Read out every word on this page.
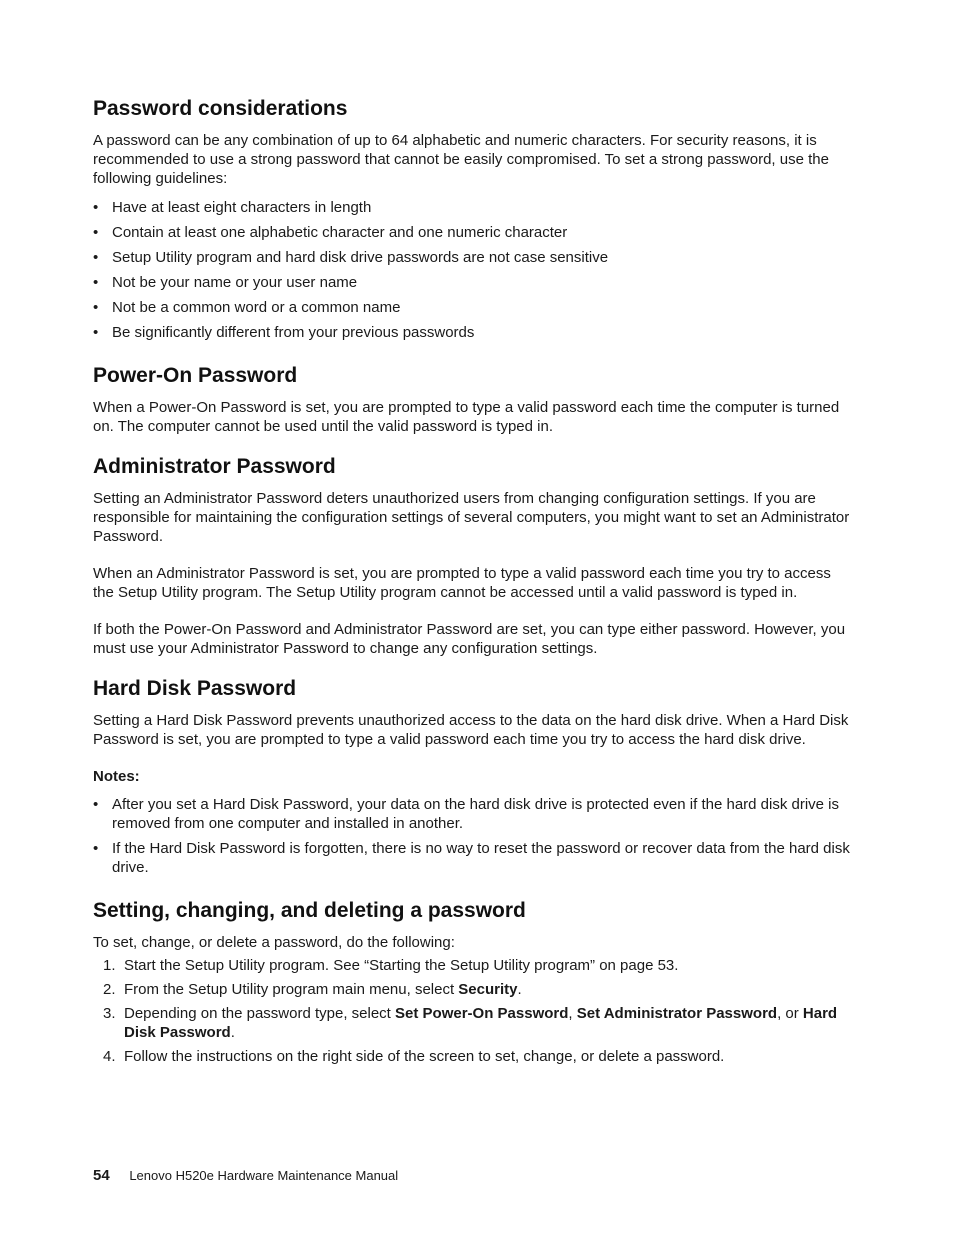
Password considerations

A password can be any combination of up to 64 alphabetic and numeric characters. For security reasons, it is recommended to use a strong password that cannot be easily compromised. To set a strong password, use the following guidelines:

• Have at least eight characters in length
• Contain at least one alphabetic character and one numeric character
• Setup Utility program and hard disk drive passwords are not case sensitive
• Not be your name or your user name
• Not be a common word or a common name
• Be significantly different from your previous passwords
Power-On Password

When a Power-On Password is set, you are prompted to type a valid password each time the computer is turned on. The computer cannot be used until the valid password is typed in.

Administrator Password

Setting an Administrator Password deters unauthorized users from changing configuration settings. If you are responsible for maintaining the configuration settings of several computers, you might want to set an Administrator Password.

When an Administrator Password is set, you are prompted to type a valid password each time you try to access the Setup Utility program. The Setup Utility program cannot be accessed until a valid password is typed in.

If both the Power-On Password and Administrator Password are set, you can type either password. However, you must use your Administrator Password to change any configuration settings.

Hard Disk Password

Setting a Hard Disk Password prevents unauthorized access to the data on the hard disk drive. When a Hard Disk Password is set, you are prompted to type a valid password each time you try to access the hard disk drive.

Notes:
• After you set a Hard Disk Password, your data on the hard disk drive is protected even if the hard disk drive is removed from one computer and installed in another.
• If the Hard Disk Password is forgotten, there is no way to reset the password or recover data from the hard disk drive.
Setting, changing, and deleting a password

To set, change, or delete a password, do the following:

1. Start the Setup Utility program. See “Starting the Setup Utility program” on page 53.
2. From the Setup Utility program main menu, select Security.
3. Depending on the password type, select Set Power-On Password, Set Administrator Password, or Hard Disk Password.
4. Follow the instructions on the right side of the screen to set, change, or delete a password.
54 Lenovo H520e Hardware Maintenance Manual
